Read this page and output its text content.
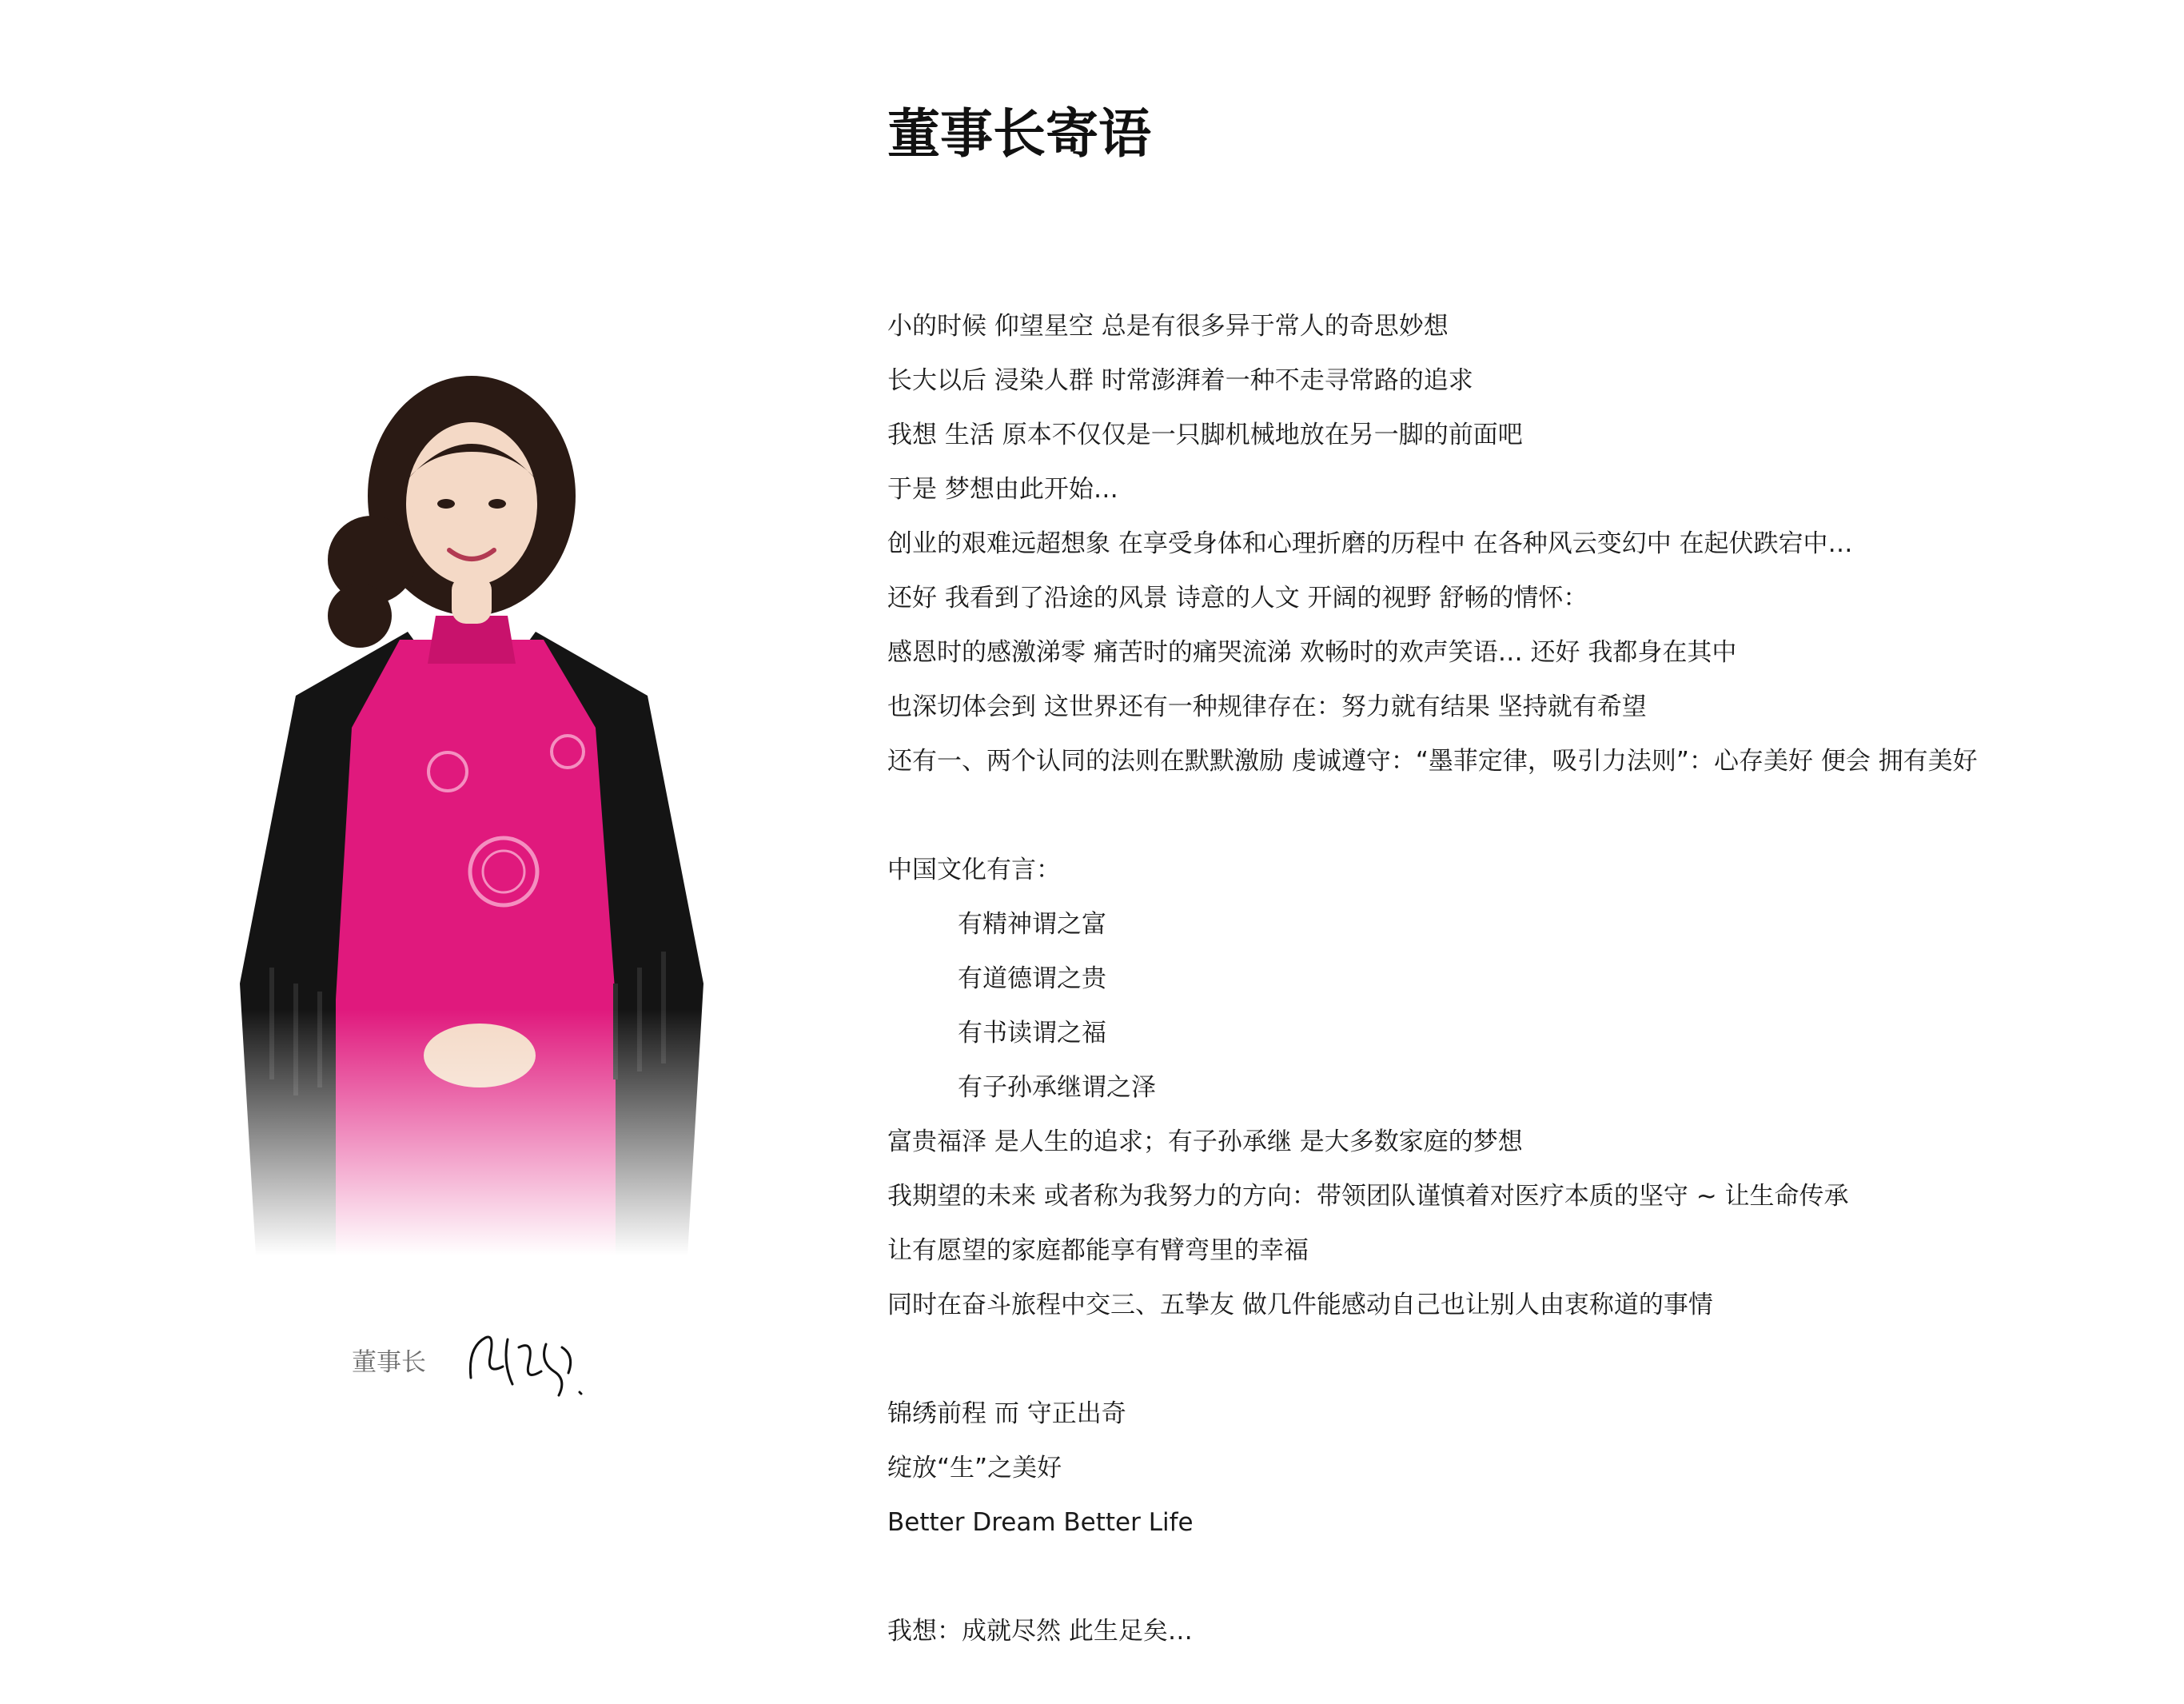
董事长
董事长寄语
小的时候 仰望星空 总是有很多异于常人的奇思妙想
长大以后 浸染人群 时常澎湃着一种不走寻常路的追求
我想 生活 原本不仅仅是一只脚机械地放在另一脚的前面吧
于是 梦想由此开始…
创业的艰难远超想象 在享受身体和心理折磨的历程中 在各种风云变幻中 在起伏跌宕中…
还好 我看到了沿途的风景 诗意的人文 开阔的视野 舒畅的情怀：
感恩时的感激涕零 痛苦时的痛哭流涕 欢畅时的欢声笑语… 还好 我都身在其中
也深切体会到 这世界还有一种规律存在：努力就有结果 坚持就有希望
还有一、两个认同的法则在默默激励 虔诚遵守：“墨菲定律，吸引力法则”：心存美好 便会 拥有美好
中国文化有言：
有精神谓之富
有道德谓之贵
有书读谓之福
有子孙承继谓之泽
富贵福泽 是人生的追求；有子孙承继 是大多数家庭的梦想
我期望的未来 或者称为我努力的方向：带领团队谨慎着对医疗本质的坚守 ~ 让生命传承
让有愿望的家庭都能享有臂弯里的幸福
同时在奋斗旅程中交三、五挚友 做几件能感动自己也让别人由衷称道的事情
锦绣前程 而 守正出奇
绽放“生”之美好
Better Dream Better Life
我想：成就尽然 此生足矣…
